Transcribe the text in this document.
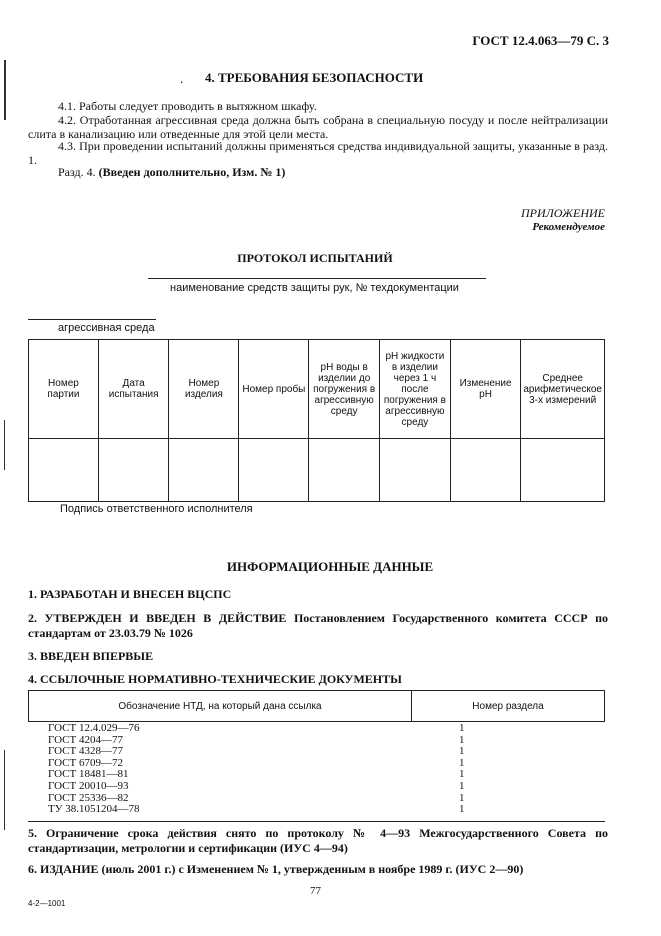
ГОСТ 12.4.063—79 С. 3
. 4. ТРЕБОВАНИЯ БЕЗОПАСНОСТИ
4.1. Работы следует проводить в вытяжном шкафу.
4.2. Отработанная агрессивная среда должна быть собрана в специальную посуду и после нейтрализации слита в канализацию или отведенные для этой цели места.
4.3. При проведении испытаний должны применяться средства индивидуальной защиты, указанные в разд. 1.
Разд. 4. (Введен дополнительно, Изм. № 1)
ПРИЛОЖЕНИЕ
Рекомендуемое
ПРОТОКОЛ ИСПЫТАНИЙ
наименование средств защиты рук, № техдокументации
агрессивная среда
Номер партии	Дата испытания	Номер изделия	Номер пробы	pH воды в изделии до погружения в агрессивную среду	pH жидкости в изделии через 1 ч после погружения в агрессивную среду	Изменение pH	Среднее арифметическое 3-х измерений

Подпись ответственного исполнителя
ИНФОРМАЦИОННЫЕ ДАННЫЕ
1. РАЗРАБОТАН И ВНЕСЕН ВЦСПС
2. УТВЕРЖДЕН И ВВЕДЕН В ДЕЙСТВИЕ Постановлением Государственного комитета СССР по стандартам от 23.03.79 № 1026
3. ВВЕДЕН ВПЕРВЫЕ
4. ССЫЛОЧНЫЕ НОРМАТИВНО-ТЕХНИЧЕСКИЕ ДОКУМЕНТЫ
Обозначение НТД, на который дана ссылка	Номер раздела
ГОСТ 12.4.029—76	1
ГОСТ 4204—77	1
ГОСТ 4328—77	1
ГОСТ 6709—72	1
ГОСТ 18481—81	1
ГОСТ 20010—93	1
ГОСТ 25336—82	1
ТУ 38.1051204—78	1
5. Ограничение срока действия снято по протоколу № 4—93 Межгосударственного Совета по стандартизации, метрологии и сертификации (ИУС 4—94)
6. ИЗДАНИЕ (июль 2001 г.) с Изменением № 1, утвержденным в ноябре 1989 г. (ИУС 2—90)
77
4-2—1001
